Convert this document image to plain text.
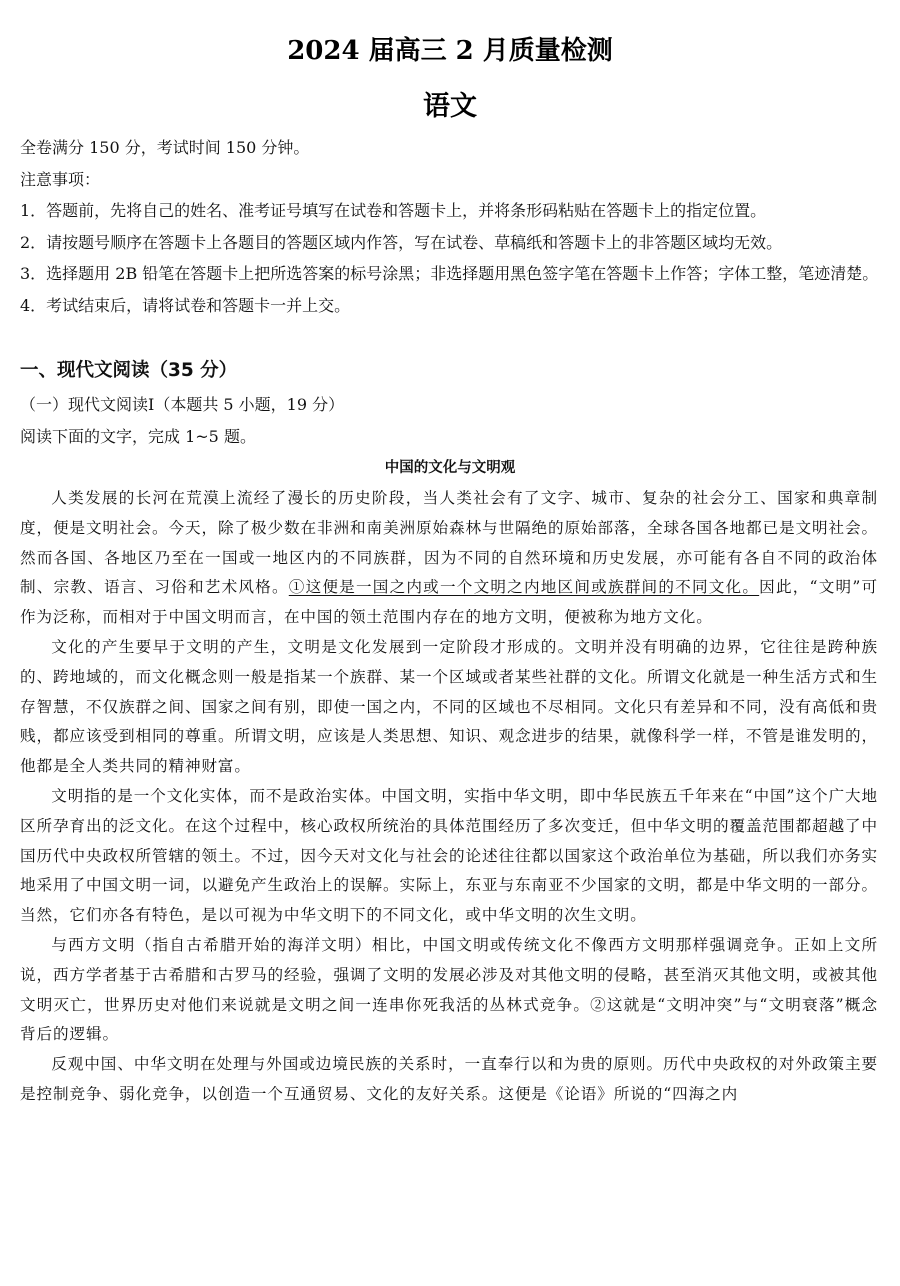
2024 届高三 2 月质量检测
语文

全卷满分 150 分，考试时间 150 分钟。

注意事项：

1．答题前，先将自己的姓名、准考证号填写在试卷和答题卡上，并将条形码粘贴在答题卡上的指定位置。

2．请按题号顺序在答题卡上各题目的答题区域内作答，写在试卷、草稿纸和答题卡上的非答题区域均无效。

3．选择题用 2B 铅笔在答题卡上把所选答案的标号涂黑；非选择题用黑色签字笔在答题卡上作答；字体工整，笔迹清楚。

4．考试结束后，请将试卷和答题卡一并上交。

一、现代文阅读（35 分）
（一）现代文阅读Ⅰ（本题共 5 小题，19 分）
阅读下面的文字，完成 1~5 题。
中国的文化与文明观

人类发展的长河在荒漠上流经了漫长的历史阶段，当人类社会有了文字、城市、复杂的社会分工、国家和典章制度，便是文明社会。今天，除了极少数在非洲和南美洲原始森林与世隔绝的原始部落，全球各国各地都已是文明社会。然而各国、各地区乃至在一国或一地区内的不同族群，因为不同的自然环境和历史发展，亦可能有各自不同的政治体制、宗教、语言、习俗和艺术风格。①这便是一国之内或一个文明之内地区间或族群间的不同文化。因此，“文明”可作为泛称，而相对于中国文明而言，在中国的领土范围内存在的地方文明，便被称为地方文化。

文化的产生要早于文明的产生，文明是文化发展到一定阶段才形成的。文明并没有明确的边界，它往往是跨种族的、跨地域的，而文化概念则一般是指某一个族群、某一个区域或者某些社群的文化。所谓文化就是一种生活方式和生存智慧，不仅族群之间、国家之间有别，即使一国之内，不同的区域也不尽相同。文化只有差异和不同，没有高低和贵贱，都应该受到相同的尊重。所谓文明，应该是人类思想、知识、观念进步的结果，就像科学一样，不管是谁发明的，他都是全人类共同的精神财富。

文明指的是一个文化实体，而不是政治实体。中国文明，实指中华文明，即中华民族五千年来在“中国”这个广大地区所孕育出的泛文化。在这个过程中，核心政权所统治的具体范围经历了多次变迁，但中华文明的覆盖范围都超越了中国历代中央政权所管辖的领土。不过，因今天对文化与社会的论述往往都以国家这个政治单位为基础，所以我们亦务实地采用了中国文明一词，以避免产生政治上的误解。实际上，东亚与东南亚不少国家的文明，都是中华文明的一部分。当然，它们亦各有特色，是以可视为中华文明下的不同文化，或中华文明的次生文明。

与西方文明（指自古希腊开始的海洋文明）相比，中国文明或传统文化不像西方文明那样强调竞争。正如上文所说，西方学者基于古希腊和古罗马的经验，强调了文明的发展必涉及对其他文明的侵略，甚至消灭其他文明，或被其他文明灭亡，世界历史对他们来说就是文明之间一连串你死我活的丛林式竞争。②这就是“文明冲突”与“文明衰落”概念背后的逻辑。

反观中国、中华文明在处理与外国或边境民族的关系时，一直奉行以和为贵的原则。历代中央政权的对外政策主要是控制竞争、弱化竞争，以创造一个互通贸易、文化的友好关系。这便是《论语》所说的“四海之内
